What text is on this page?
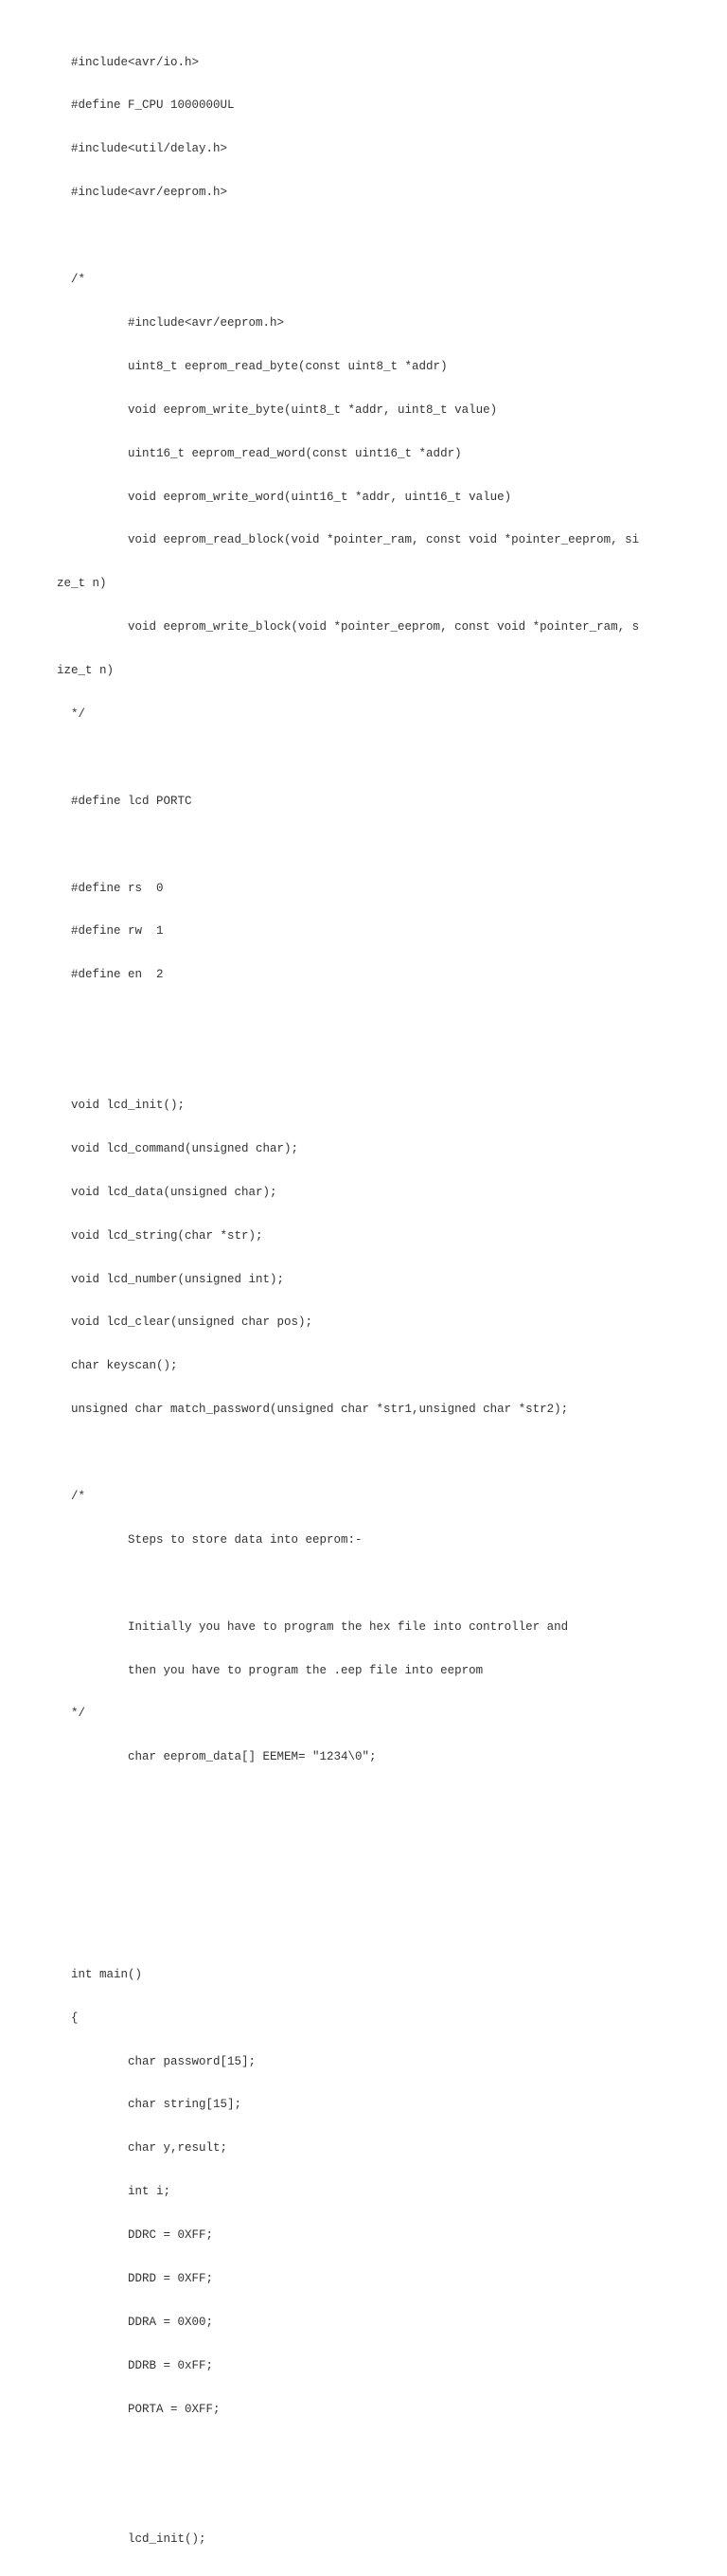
#include<avr/io.h>

#define F_CPU 1000000UL

#include<util/delay.h>

#include<avr/eeprom.h>

/*

#include<avr/eeprom.h>

uint8_t eeprom_read_byte(const uint8_t *addr)

void eeprom_write_byte(uint8_t *addr, uint8_t value)

uint16_t eeprom_read_word(const uint16_t *addr)

void eeprom_write_word(uint16_t *addr, uint16_t value)

void eeprom_read_block(void *pointer_ram, const void *pointer_eeprom, si

ze_t n)

void eeprom_write_block(void *pointer_eeprom, const void *pointer_ram, s

ize_t n)

*/

#define lcd PORTC

#define rs  0

#define rw  1

#define en  2

void lcd_init();

void lcd_command(unsigned char);

void lcd_data(unsigned char);

void lcd_string(char *str);

void lcd_number(unsigned int);

void lcd_clear(unsigned char pos);

char keyscan();

unsigned char match_password(unsigned char *str1,unsigned char *str2);

/*

Steps to store data into eeprom:-

Initially you have to program the hex file into controller and

then you have to program the .eep file into eeprom

*/

char eeprom_data[] EEMEM= "1234\0";

int main()

{

char password[15];

char string[15];

char y,result;

int i;

DDRC = 0XFF;

DDRD = 0XFF;

DDRA = 0X00;

DDRB = 0xFF;

PORTA = 0XFF;

lcd_init();
